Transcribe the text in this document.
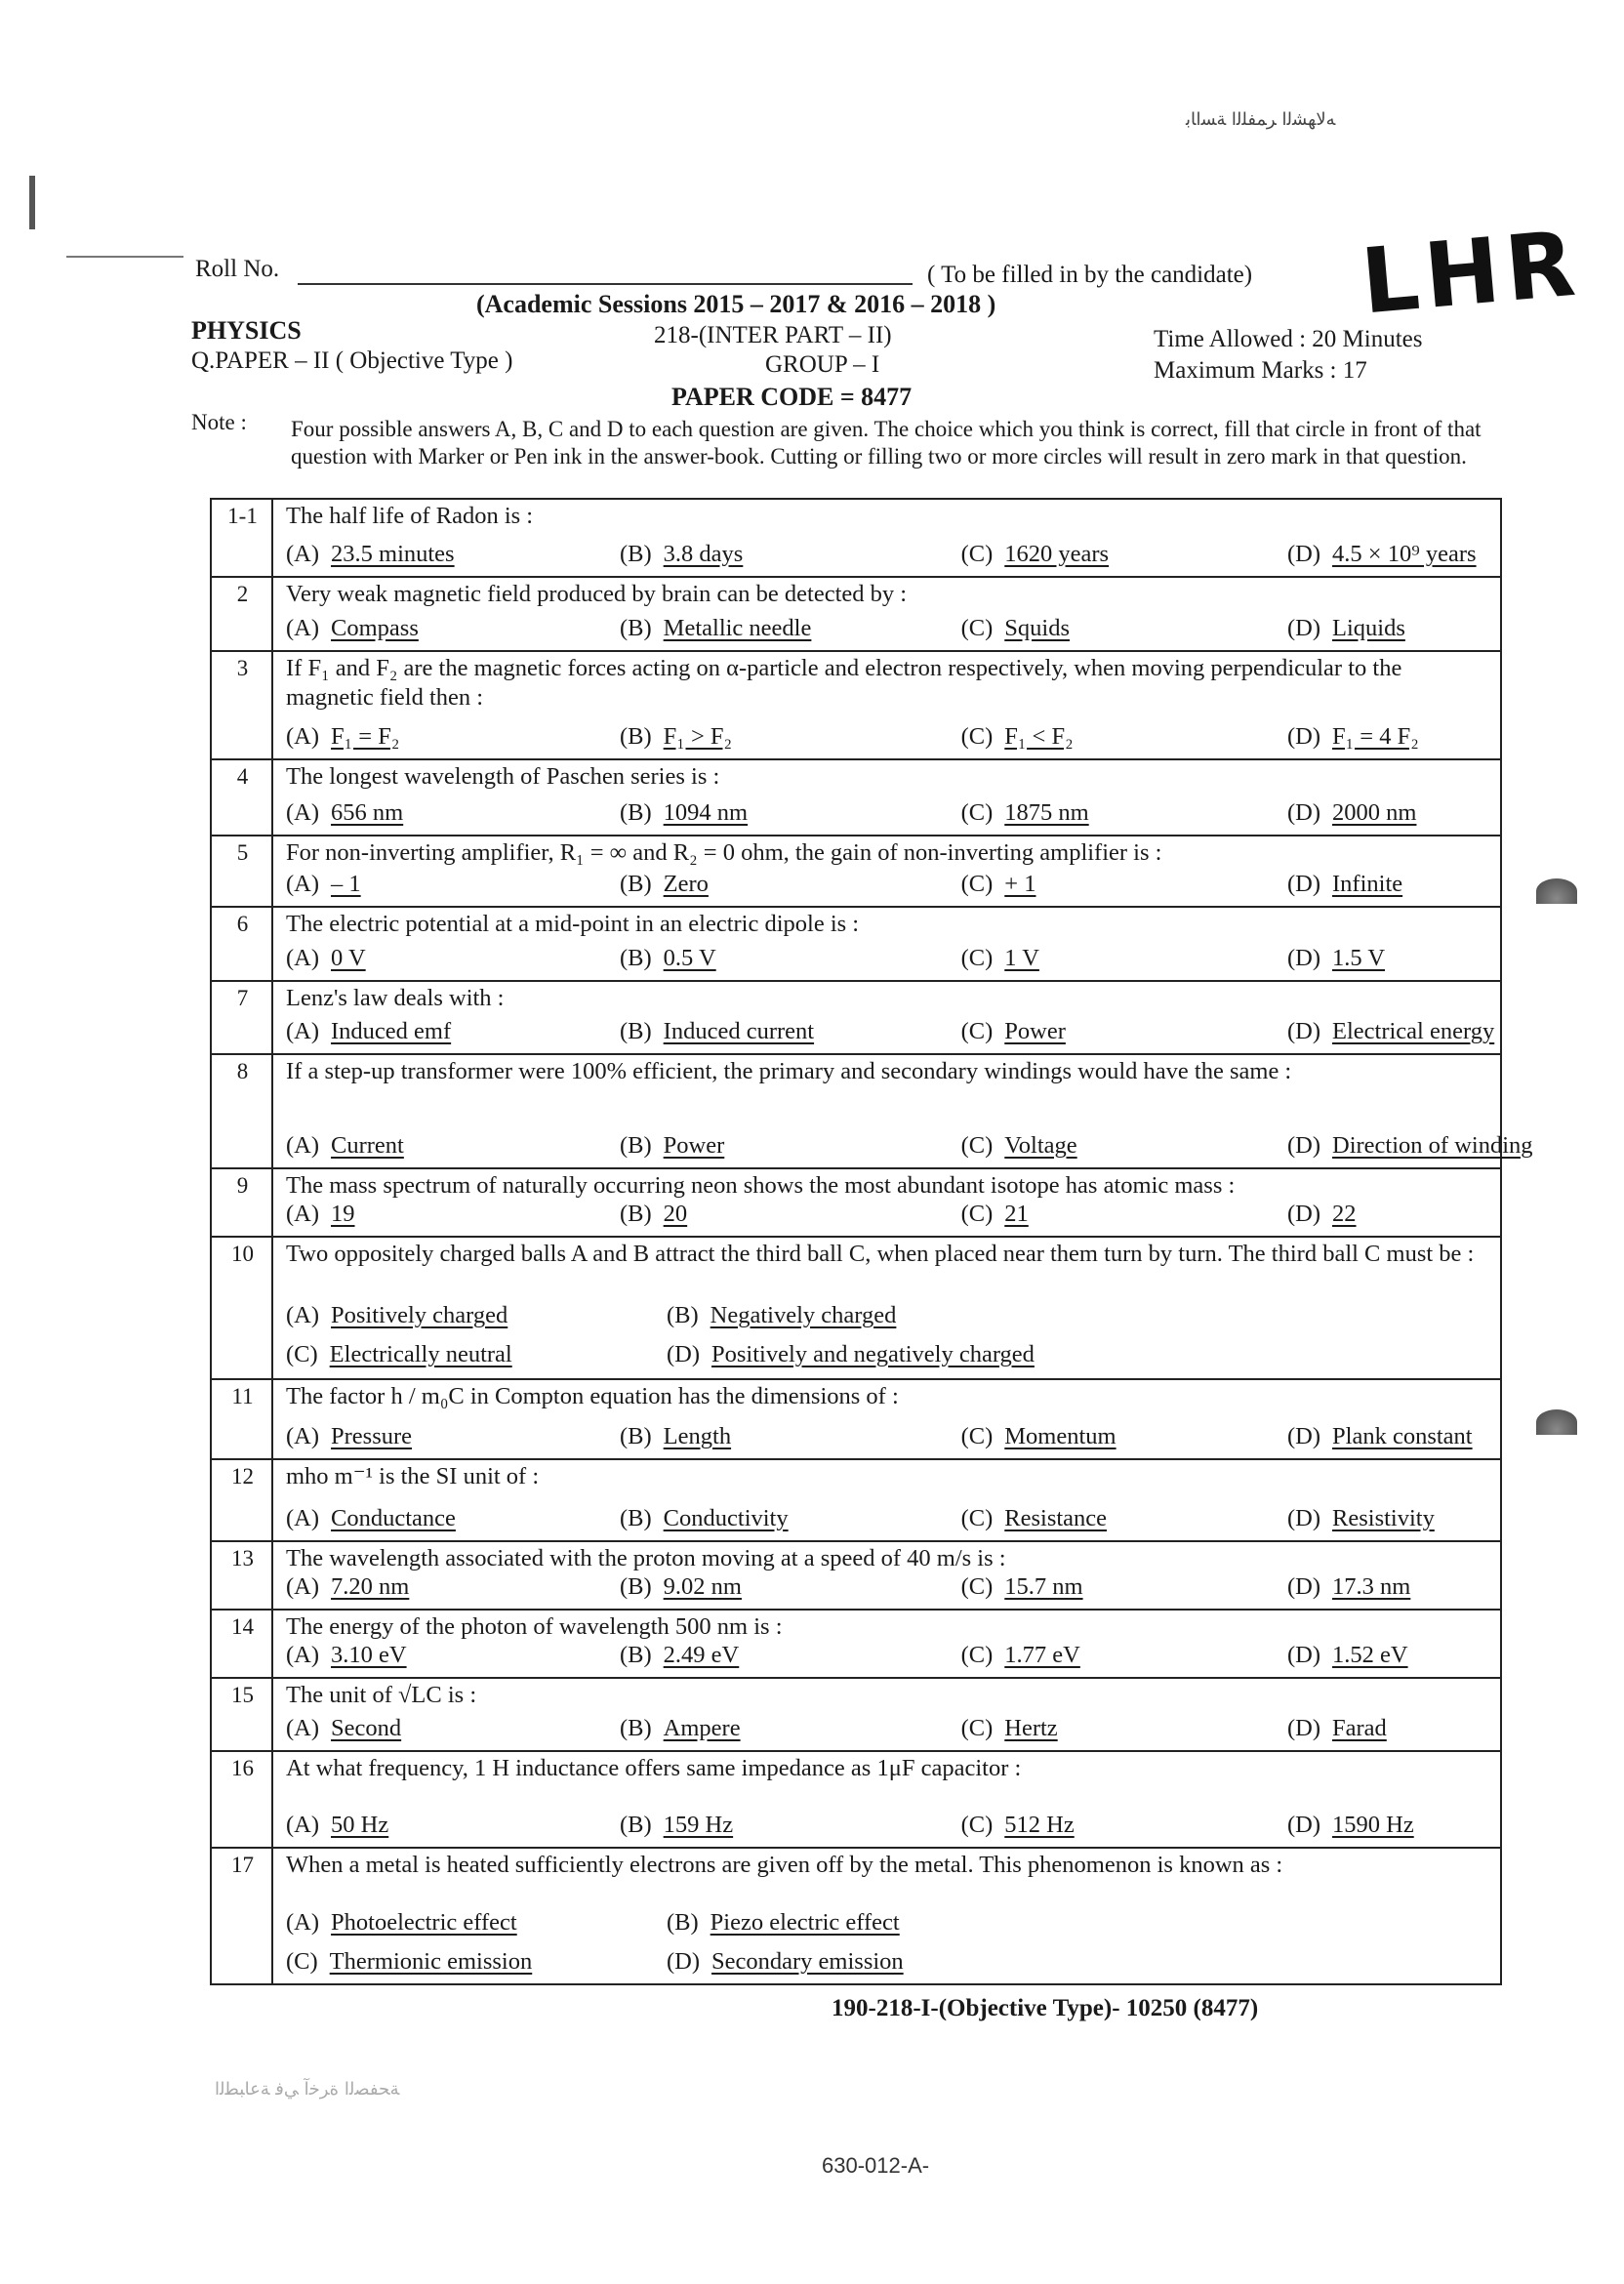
ﻪﻟﺎﻬﺸﻟﺍ ﺮﻤﻔﻠﻟﺍ ﺔﺴﺍﺎﺑ
Roll No.	( To be filled in by the candidate) LHR
(Academic Sessions 2015 – 2017 & 2016 – 2018 )
PHYSICS	218-(INTER PART – II)	Time Allowed : 20 Minutes
Q.PAPER – II ( Objective Type )	GROUP – I	Maximum Marks : 17
PAPER CODE = 8477
Note : Four possible answers A, B, C and D to each question are given. The choice which you think is correct, fill that circle in front of that question with Marker or Pen ink in the answer-book. Cutting or filling two or more circles will result in zero mark in that question.
1-1	The half life of Radon is :
(A) 23.5 minutes	(B) 3.8 days	(C) 1620 years	(D) 4.5 × 10⁹ years
2	Very weak magnetic field produced by brain can be detected by :
(A) Compass	(B) Metallic needle	(C) Squids	(D) Liquids
3	If F₁ and F₂ are the magnetic forces acting on α-particle and electron respectively, when moving perpendicular to the magnetic field then :
(A) F₁ = F₂	(B) F₁ > F₂	(C) F₁ < F₂	(D) F₁ = 4 F₂
4	The longest wavelength of Paschen series is :
(A) 656 nm	(B) 1094 nm	(C) 1875 nm	(D) 2000 nm
5	For non-inverting amplifier, R₁ = ∞ and R₂ = 0 ohm, the gain of non-inverting amplifier is :
(A) – 1	(B) Zero	(C) + 1	(D) Infinite
6	The electric potential at a mid-point in an electric dipole is :
(A) 0 V	(B) 0.5 V	(C) 1 V	(D) 1.5 V
7	Lenz's law deals with :
(A) Induced emf	(B) Induced current	(C) Power	(D) Electrical energy
8	If a step-up transformer were 100% efficient, the primary and secondary windings would have the same :
(A) Current	(B) Power	(C) Voltage	(D) Direction of winding
9	The mass spectrum of naturally occurring neon shows the most abundant isotope has atomic mass :
(A) 19	(B) 20	(C) 21	(D) 22
10	Two oppositely charged balls A and B attract the third ball C, when placed near them turn by turn. The third ball C must be :
(A) Positively charged	(B) Negatively charged
(C) Electrically neutral	(D) Positively and negatively charged
11	The factor h / m₀C in Compton equation has the dimensions of :
(A) Pressure	(B) Length	(C) Momentum	(D) Plank constant
12	mho m⁻¹ is the SI unit of :
(A) Conductance	(B) Conductivity	(C) Resistance	(D) Resistivity
13	The wavelength associated with the proton moving at a speed of 40 m/s is :
(A) 7.20 nm	(B) 9.02 nm	(C) 15.7 nm	(D) 17.3 nm
14	The energy of the photon of wavelength 500 nm is :
(A) 3.10 eV	(B) 2.49 eV	(C) 1.77 eV	(D) 1.52 eV
15	The unit of √LC is :
(A) Second	(B) Ampere	(C) Hertz	(D) Farad
16	At what frequency, 1 H inductance offers same impedance as 1μF capacitor :
(A) 50 Hz	(B) 159 Hz	(C) 512 Hz	(D) 1590 Hz
17	When a metal is heated sufficiently electrons are given off by the metal. This phenomenon is known as :
(A) Photoelectric effect	(B) Piezo electric effect
(C) Thermionic emission	(D) Secondary emission
190-218-I-(Objective Type)- 10250 (8477)
ﺔﺤﻔﺼﻟﺍ ﺓﺮﺧﺁ ﻲﻓ ﺔﻋﺎﺒﻄﻟﺍ
630-012-A-
